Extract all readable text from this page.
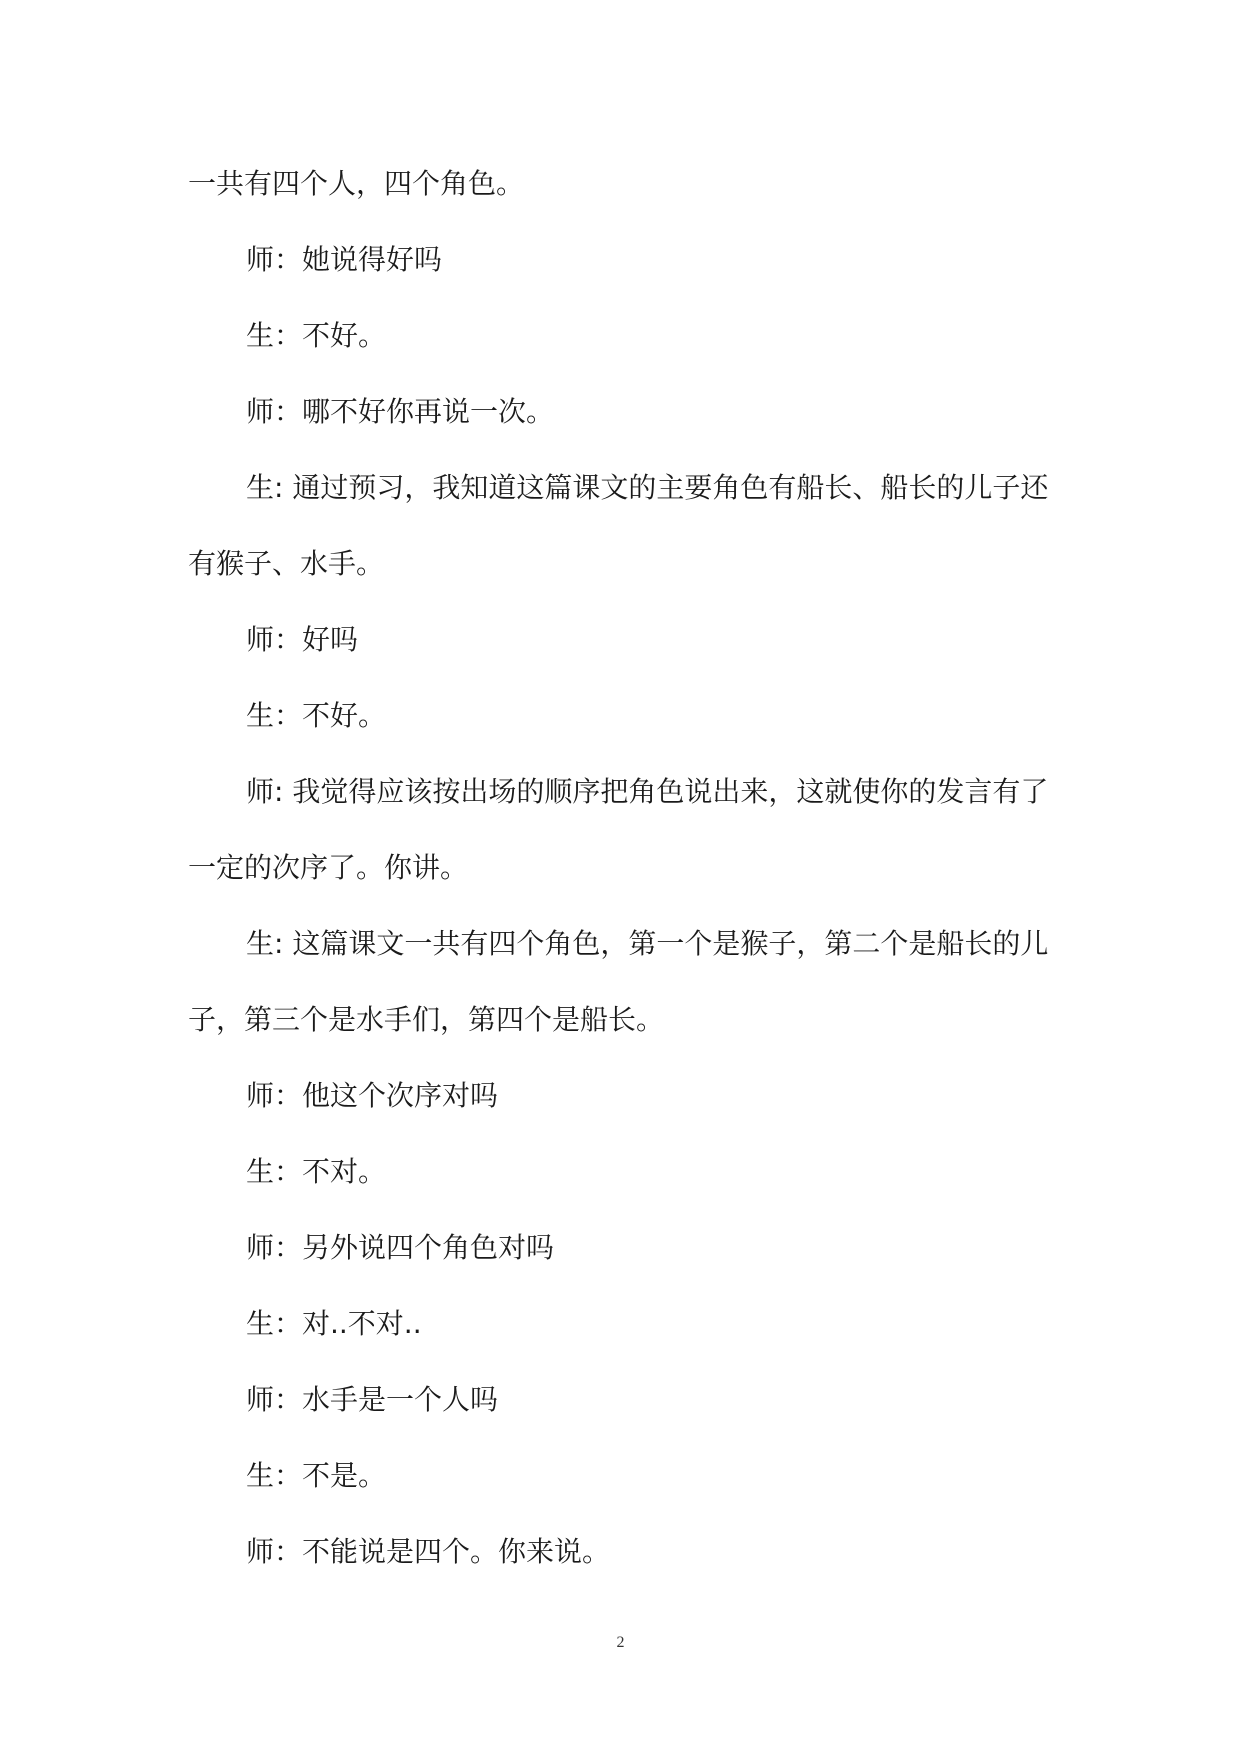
一共有四个人，四个角色。

师：她说得好吗

生：不好。

师：哪不好你再说一次。

生: 通过预习，我知道这篇课文的主要角色有船长、船长的儿子还有猴子、水手。

师：好吗

生：不好。

师: 我觉得应该按出场的顺序把角色说出来，这就使你的发言有了一定的次序了。你讲。

生: 这篇课文一共有四个角色，第一个是猴子，第二个是船长的儿子，第三个是水手们，第四个是船长。

师：他这个次序对吗

生：不对。

师：另外说四个角色对吗

生：对..不对..

师：水手是一个人吗

生：不是。

师：不能说是四个。你来说。

2
